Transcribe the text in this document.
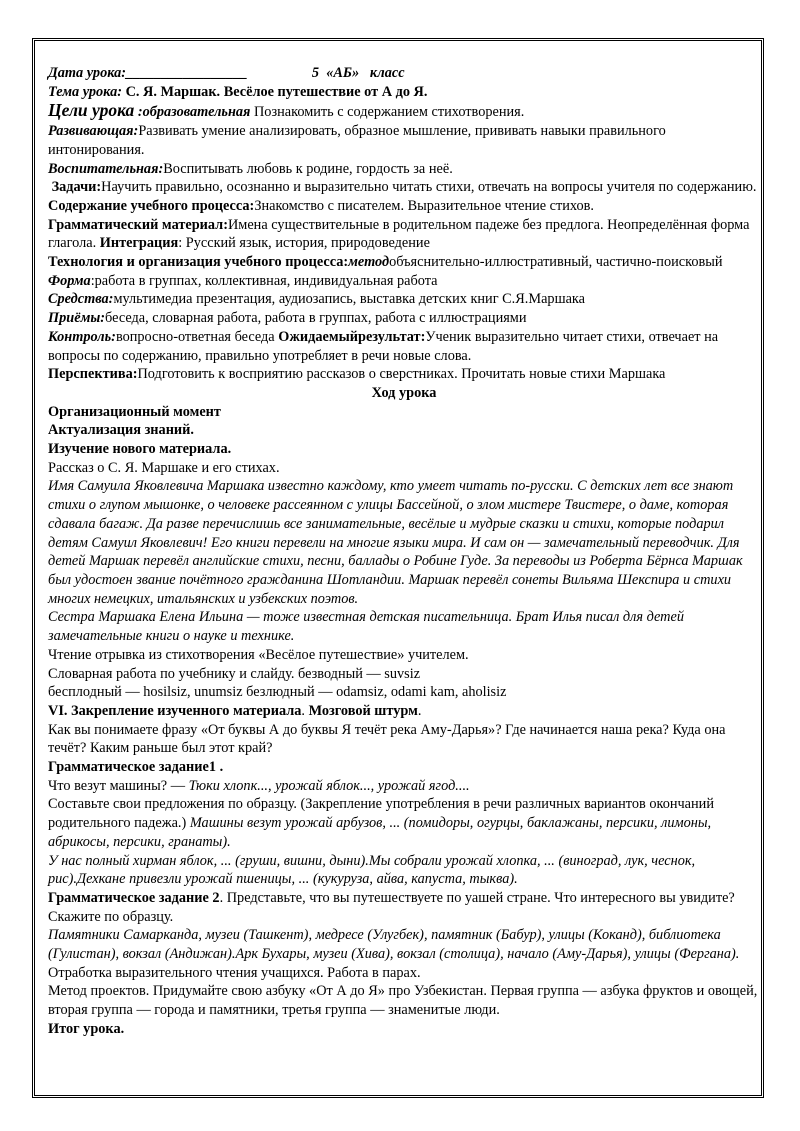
Дата урока:_________________	5  «АБ»   класс

Тема урока: С. Я. Маршак. Весёлое путешествие от А до Я.

Цели урока :образовательная Познакомить с содержанием стихотворения.

Развивающая:Развивать умение анализировать, образное мышление, прививать навыки правильного интонирования.

Воспитательная:Воспитывать любовь к родине, гордость за неё.

Задачи:Научить правильно, осознанно и выразительно читать стихи, отвечать на вопросы учителя по содержанию. Содержание учебного процесса:Знакомство с писателем. Выразительное чтение стихов.

Грамматический материал:Имена существительные в родительном падеже без предлога. Неопределённая форма глагола. Интеграция: Русский язык, история, природоведение

Технология и организация учебного процесса:методобъяснительно-иллюстративный, частично-поисковый Форма:работа в группах, коллективная, индивидуальная работа

Средства:мультимедиа презентация, аудиозапись, выставка детских книг С.Я.Маршака

Приёмы:беседа, словарная работа, работа в группах, работа с иллюстрациями

Контроль:вопросно-ответная беседа Ожидаемыйрезультат:Ученик выразительно читает стихи, отвечает на вопросы по содержанию, правильно употребляет в речи новые слова.

Перспектива:Подготовить к восприятию рассказов о сверстниках. Прочитать новые стихи Маршака

Ход урока

Организационный момент

Актуализация знаний.

Изучение нового материала.

Рассказ о С. Я. Маршаке и его стихах.

Имя Самуила Яковлевича Маршака известно каждому, кто умеет читать по-русски. С детских лет все знают стихи о глупом мышонке, о человеке рассеянном с улицы Бассейной, о злом мистере Твистере, о даме, которая сдавала багаж. Да разве перечислишь все занимательные, весёлые и мудрые сказки и стихи, которые подарил детям Самуил Яковлевич! Его книги перевели на многие языки мира. И сам он — замечательный переводчик. Для детей Маршак перевёл английские стихи, песни, баллады о Робине Гуде. За переводы из Роберта Бёрнса Маршак был удостоен звание почётного гражданина Шотландии. Маршак перевёл сонеты Вильяма Шекспира и стихи многих немецких, итальянских и узбекских поэтов.

Сестра Маршака Елена Ильина — тоже известная детская писательница. Брат Илья писал для детей замечательные книги о науке и технике.

Чтение отрывка из стихотворения «Весёлое путешествие» учителем.

Словарная работа по учебнику и слайду. безводный — suvsiz

бесплодный — hosilsiz, unumsiz безлюдный — odamsiz, odami kam, aholisiz

VI. Закрепление изученного материала. Мозговой штурм.

Как вы понимаете фразу «От буквы А до буквы Я течёт река Аму-Дарья»? Где начинается наша река? Куда она течёт? Каким раньше был этот край?

Грамматическое задание1 .

Что везут машины? — Тюки хлопк..., урожай яблок..., урожай ягод....

Составьте свои предложения по образцу. (Закрепление употребления в речи различных вариантов окончаний родительного падежа.) Машины везут урожай арбузов, ... (помидоры, огурцы, баклажаны, персики, лимоны, абрикосы, персики, гранаты).

У нас полный хирман яблок, ... (груши, вишни, дыни).Мы собрали урожай хлопка, ... (виноград, лук, чеснок, рис).Дехкане привезли урожай пшеницы, ... (кукуруза, айва, капуста, тыква).

Грамматическое задание 2. Представьте, что вы путешествуете по уашей стране. Что интересного вы увидите? Скажите по образцу.

Памятники Самарканда, музеи (Ташкент), медресе (Улугбек), памятник (Бабур), улицы (Коканд), библиотека (Гулистан), вокзал (Андижан).Арк Бухары, музеи (Хива), вокзал (столица), начало (Аму-Дарья), улицы (Фергана).

Отработка выразительного чтения учащихся. Работа в парах.

Метод проектов. Придумайте свою азбуку «От А до Я» про Узбекистан. Первая группа — азбука фруктов и овощей, вторая группа — города и памятники, третья группа — знаменитые люди.

Итог урока.
